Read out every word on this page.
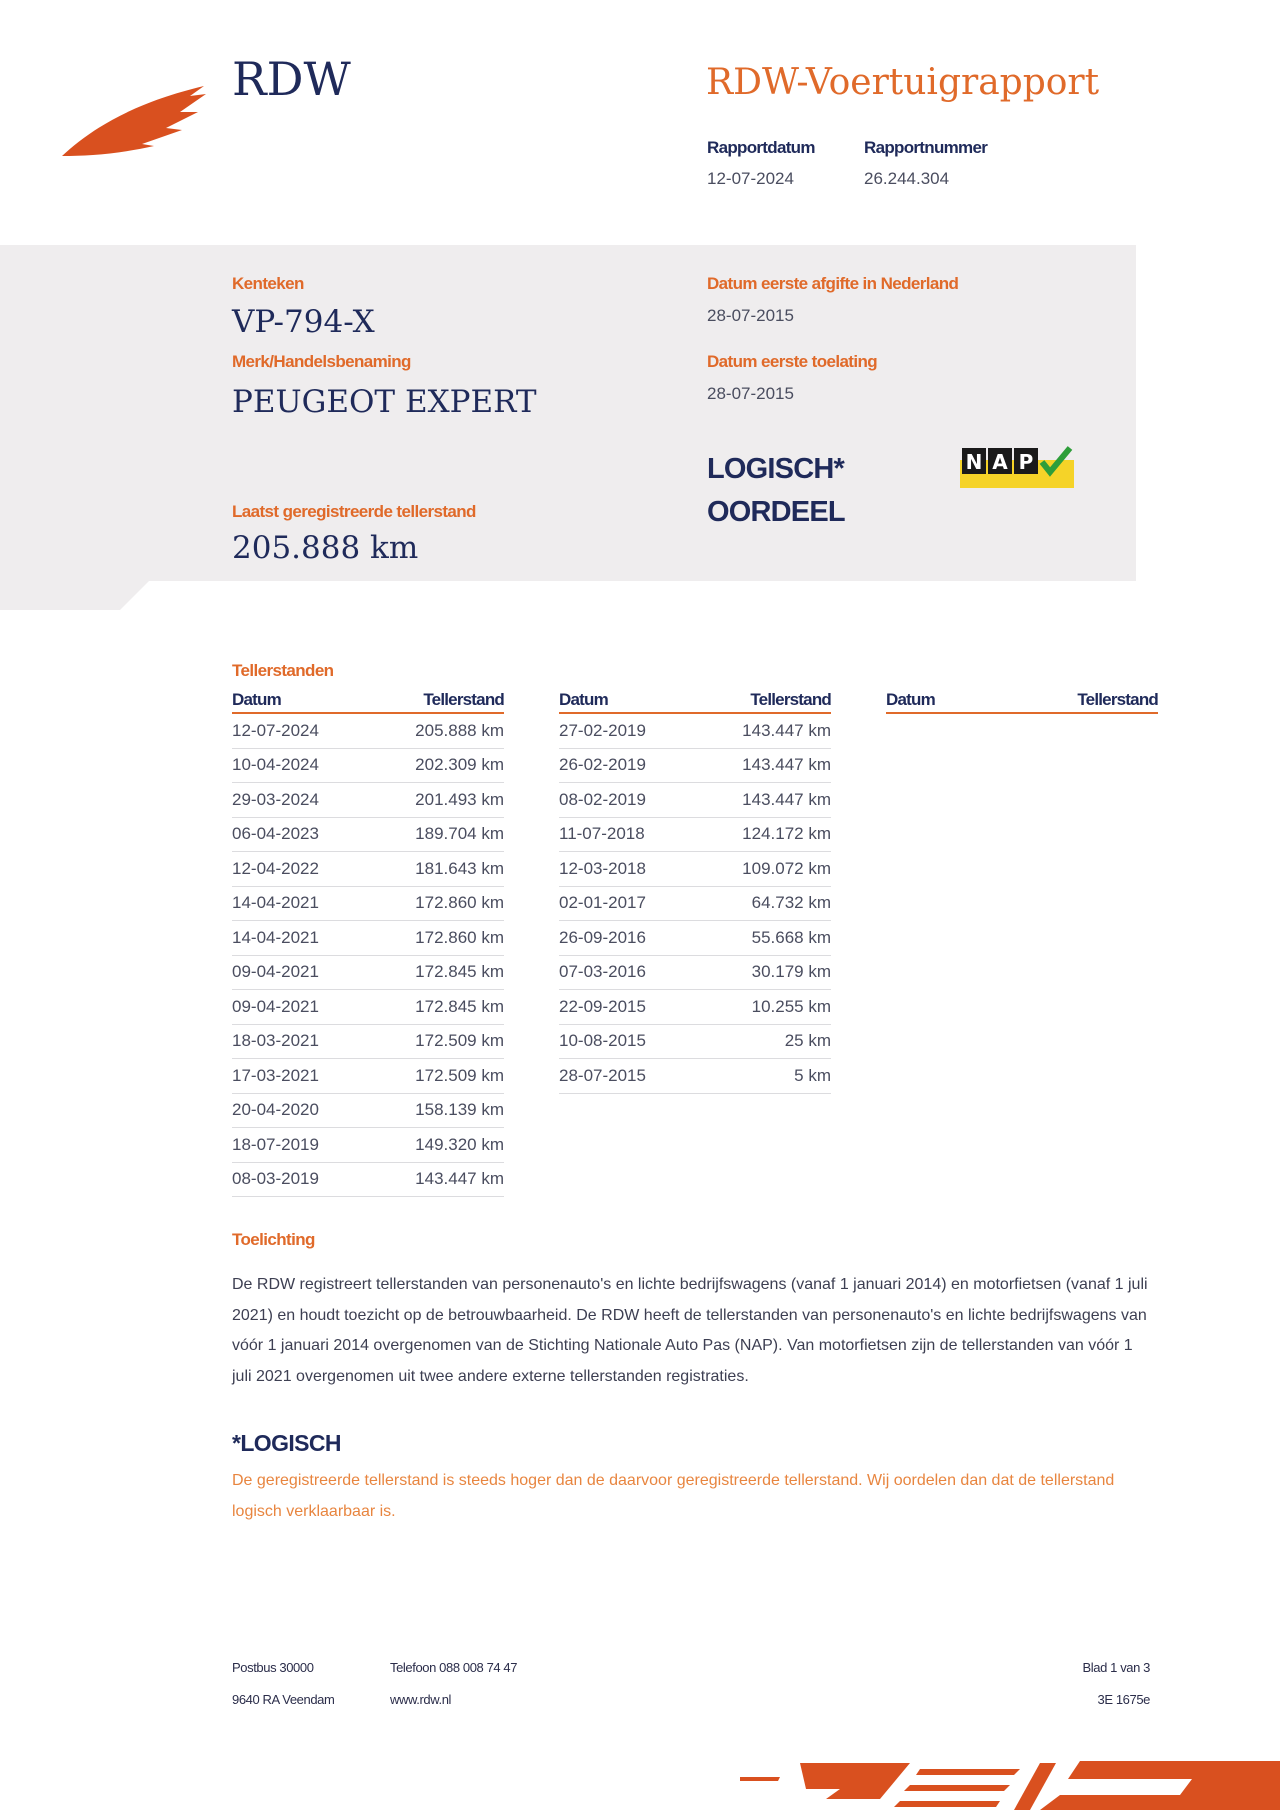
RDW	RDW-Voertuigrapport
Rapportdatum
12-07-2024
Rapportnummer
26.244.304
Kenteken
VP-794-X
Merk/Handelsbenaming
PEUGEOT EXPERT
Laatst geregistreerde tellerstand
205.888 km
Datum eerste afgifte in Nederland
28-07-2015
Datum eerste toelating
28-07-2015
LOGISCH*
OORDEEL
N A P
Tellerstanden
Datum	Tellerstand
12-07-2024	205.888 km
10-04-2024	202.309 km
29-03-2024	201.493 km
06-04-2023	189.704 km
12-04-2022	181.643 km
14-04-2021	172.860 km
14-04-2021	172.860 km
09-04-2021	172.845 km
09-04-2021	172.845 km
18-03-2021	172.509 km
17-03-2021	172.509 km
20-04-2020	158.139 km
18-07-2019	149.320 km
08-03-2019	143.447 km
Datum	Tellerstand
27-02-2019	143.447 km
26-02-2019	143.447 km
08-02-2019	143.447 km
11-07-2018	124.172 km
12-03-2018	109.072 km
02-01-2017	64.732 km
26-09-2016	55.668 km
07-03-2016	30.179 km
22-09-2015	10.255 km
10-08-2015	25 km
28-07-2015	5 km
Datum	Tellerstand
Toelichting
De RDW registreert tellerstanden van personenauto's en lichte bedrijfswagens (vanaf 1 januari 2014) en motorfietsen (vanaf 1 juli 2021) en houdt toezicht op de betrouwbaarheid. De RDW heeft de tellerstanden van personenauto's en lichte bedrijfswagens van vóór 1 januari 2014 overgenomen van de Stichting Nationale Auto Pas (NAP). Van motorfietsen zijn de tellerstanden van vóór 1 juli 2021 overgenomen uit twee andere externe tellerstanden registraties.
*LOGISCH
De geregistreerde tellerstand is steeds hoger dan de daarvoor geregistreerde tellerstand. Wij oordelen dan dat de tellerstand logisch verklaarbaar is.
Postbus 30000
9640 RA Veendam
Telefoon 088 008 74 47
www.rdw.nl
Blad 1 van 3
3E 1675e
